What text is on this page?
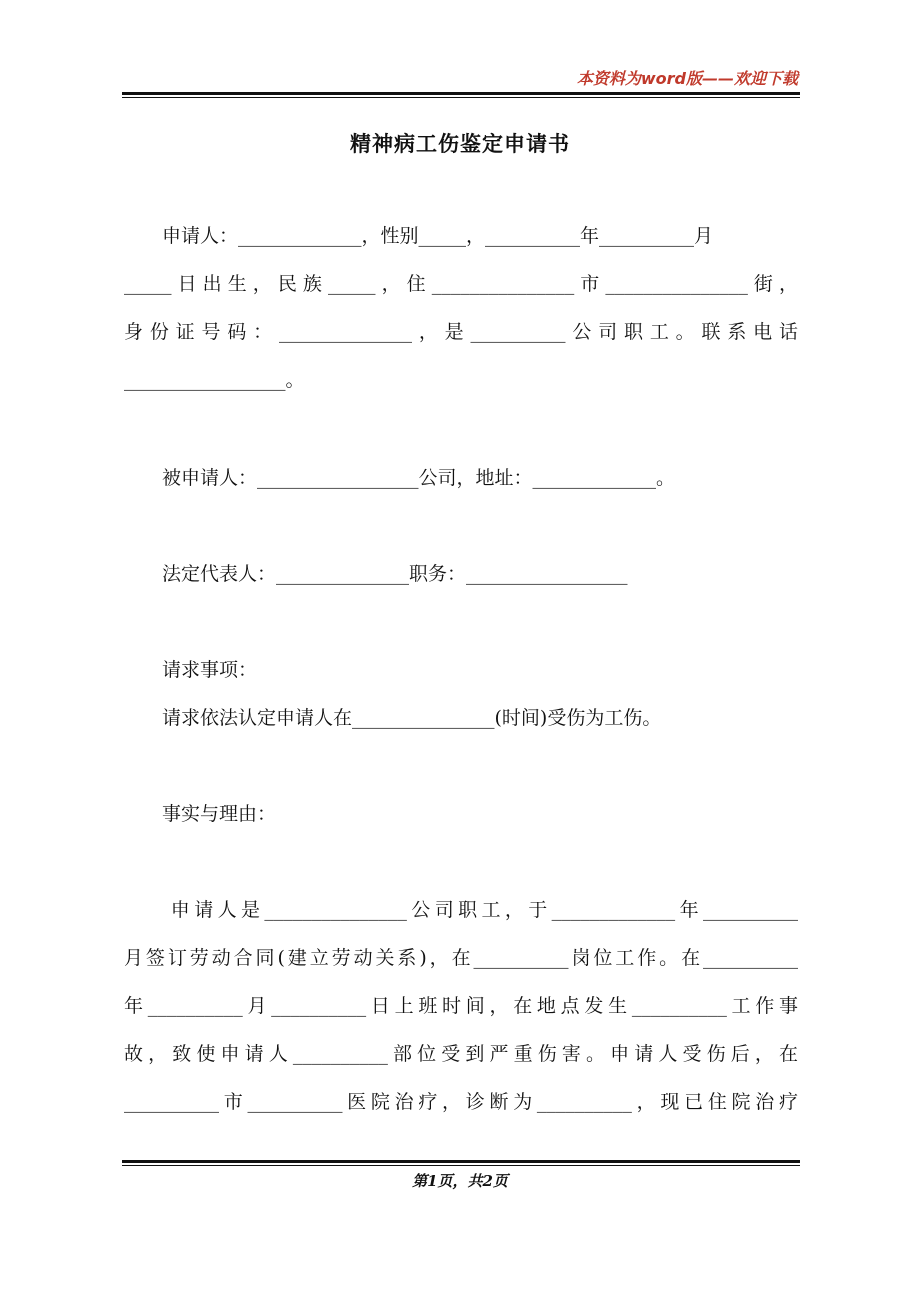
本资料为word版——欢迎下载
精神病工伤鉴定申请书
　　申请人：_____________，性别_____，__________年__________月
_____日出生，民族_____，住_______________市_______________街，
身份证号码：______________，是__________公司职工。联系电话
_________________。
　　被申请人：_________________公司，地址：_____________。
　　法定代表人：______________职务：_________________
　　请求事项：
　　请求依法认定申请人在_______________(时间)受伤为工伤。
　　事实与理由：
　　申请人是_______________公司职工，于_____________年__________
月签订劳动合同(建立劳动关系)，在__________岗位工作。在__________
年__________月__________日上班时间，在地点发生__________工作事
故，致使申请人__________部位受到严重伤害。申请人受伤后，在
__________市__________医院治疗，诊断为__________，现已住院治疗
第1页，共2页
